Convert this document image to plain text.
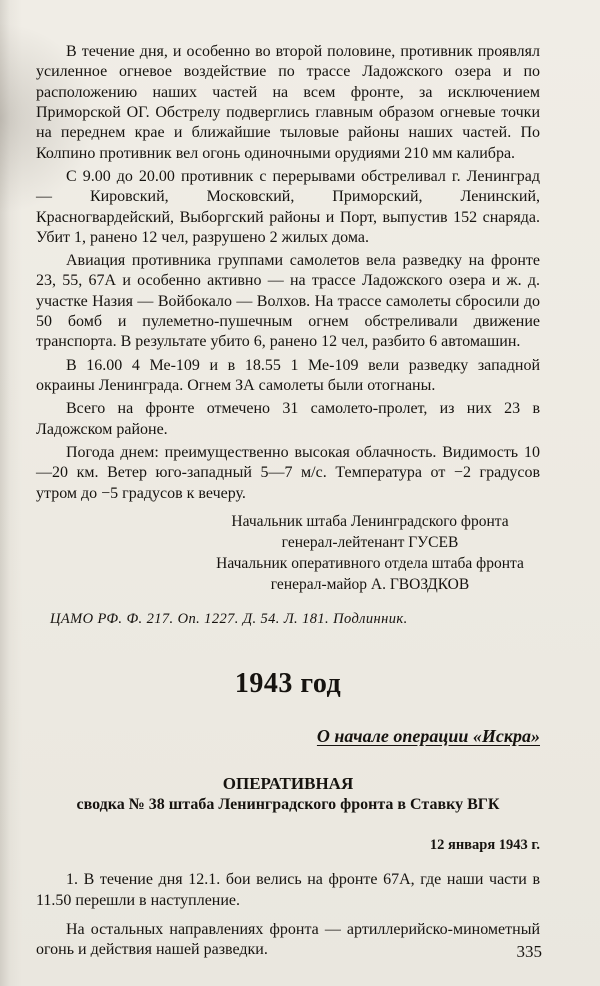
В течение дня, и особенно во второй половине, противник проявлял усиленное огневое воздействие по трассе Ладожского озера и по расположению наших частей на всем фронте, за исключением Приморской ОГ. Обстрелу подверглись главным образом огневые точки на переднем крае и ближайшие тыловые районы наших частей. По Колпино противник вел огонь одиночными орудиями 210 мм калибра.

С 9.00 до 20.00 противник с перерывами обстреливал г. Ленинград — Кировский, Московский, Приморский, Ленинский, Красногвардейский, Выборгский районы и Порт, выпустив 152 снаряда. Убит 1, ранено 12 чел, разрушено 2 жилых дома.

Авиация противника группами самолетов вела разведку на фронте 23, 55, 67А и особенно активно — на трассе Ладожского озера и ж. д. участке Назия — Войбокало — Волхов. На трассе самолеты сбросили до 50 бомб и пулеметно-пушечным огнем обстреливали движение транспорта. В результате убито 6, ранено 12 чел, разбито 6 автомашин.

В 16.00 4 Ме-109 и в 18.55 1 Ме-109 вели разведку западной окраины Ленинграда. Огнем ЗА самолеты были отогнаны.

Всего на фронте отмечено 31 самолето-пролет, из них 23 в Ладожском районе.

Погода днем: преимущественно высокая облачность. Видимость 10—20 км. Ветер юго-западный 5—7 м/с. Температура от −2 градусов утром до −5 градусов к вечеру.

Начальник штаба Ленинградского фронта
генерал-лейтенант ГУСЕВ
Начальник оперативного отдела штаба фронта
генерал-майор А. ГВОЗДКОВ
ЦАМО РФ. Ф. 217. Оп. 1227. Д. 54. Л. 181. Подлинник.
1943 год
О начале операции «Искра»
ОПЕРАТИВНАЯ
сводка № 38 штаба Ленинградского фронта в Ставку ВГК
12 января 1943 г.

1. В течение дня 12.1. бои велись на фронте 67А, где наши части в 11.50 перешли в наступление.

На остальных направлениях фронта — артиллерийско-минометный огонь и действия нашей разведки.	335
